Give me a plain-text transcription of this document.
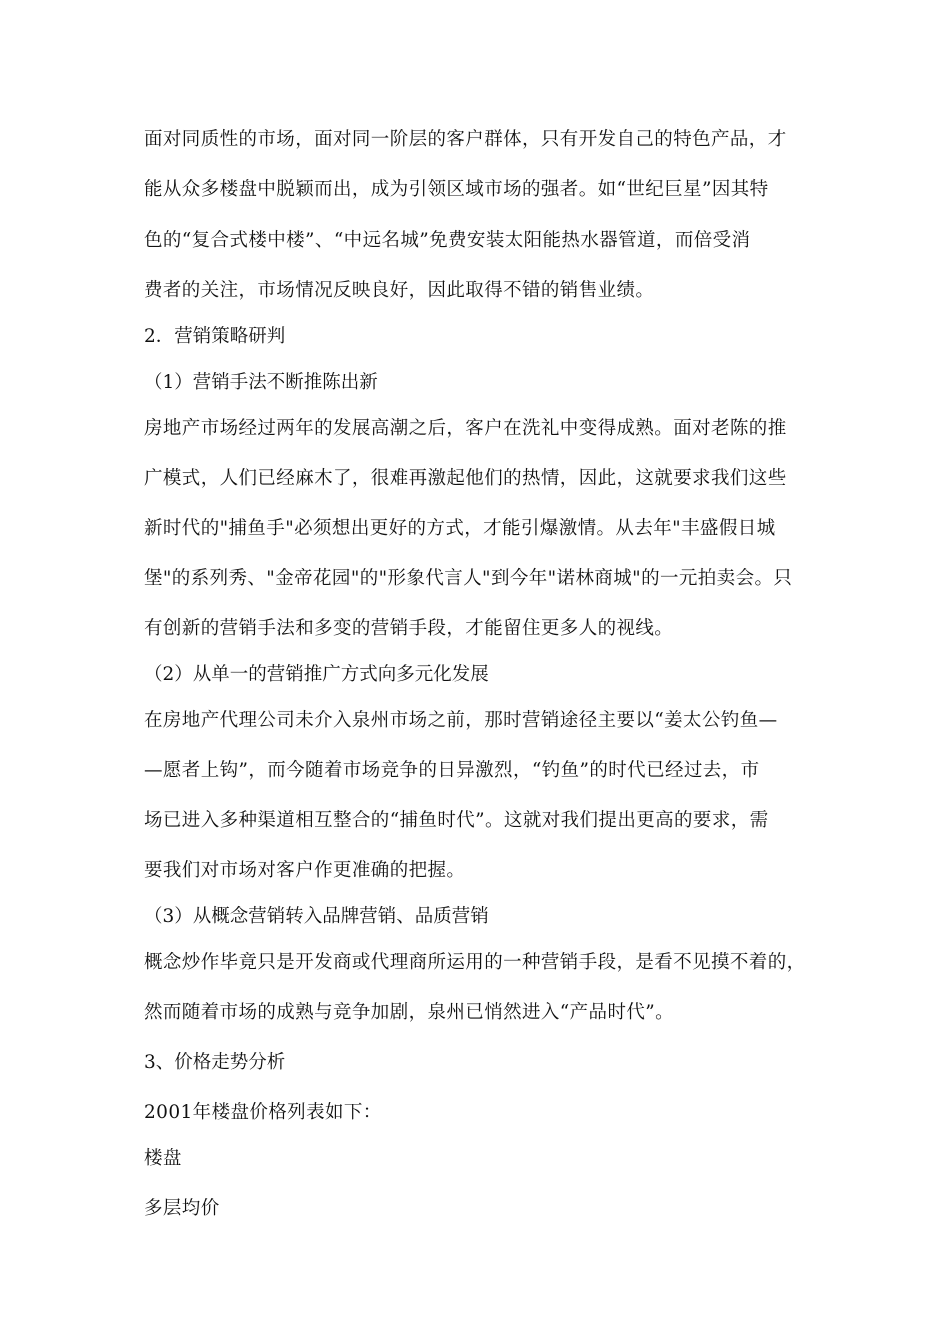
面对同质性的市场，面对同一阶层的客户群体，只有开发自己的特色产品，才
能从众多楼盘中脱颖而出，成为引领区域市场的强者。如“世纪巨星”因其特
色的“复合式楼中楼”、“中远名城”免费安装太阳能热水器管道，而倍受消
费者的关注，市场情况反映良好，因此取得不错的销售业绩。
2．营销策略研判
（1）营销手法不断推陈出新
房地产市场经过两年的发展高潮之后，客户在洗礼中变得成熟。面对老陈的推
广模式，人们已经麻木了，很难再激起他们的热情，因此，这就要求我们这些
新时代的"捕鱼手"必须想出更好的方式，才能引爆激情。从去年"丰盛假日城
堡"的系列秀、"金帝花园"的"形象代言人"到今年"诺林商城"的一元拍卖会。只
有创新的营销手法和多变的营销手段，才能留住更多人的视线。
（2）从单一的营销推广方式向多元化发展
在房地产代理公司未介入泉州市场之前，那时营销途径主要以“姜太公钓鱼—
—愿者上钩”，而今随着市场竞争的日异激烈，“钓鱼”的时代已经过去，市
场已进入多种渠道相互整合的“捕鱼时代”。这就对我们提出更高的要求，需
要我们对市场对客户作更准确的把握。
（3）从概念营销转入品牌营销、品质营销
概念炒作毕竟只是开发商或代理商所运用的一种营销手段，是看不见摸不着的，
然而随着市场的成熟与竞争加剧，泉州已悄然进入“产品时代”。
3、价格走势分析
2001年楼盘价格列表如下：
楼盘
多层均价
